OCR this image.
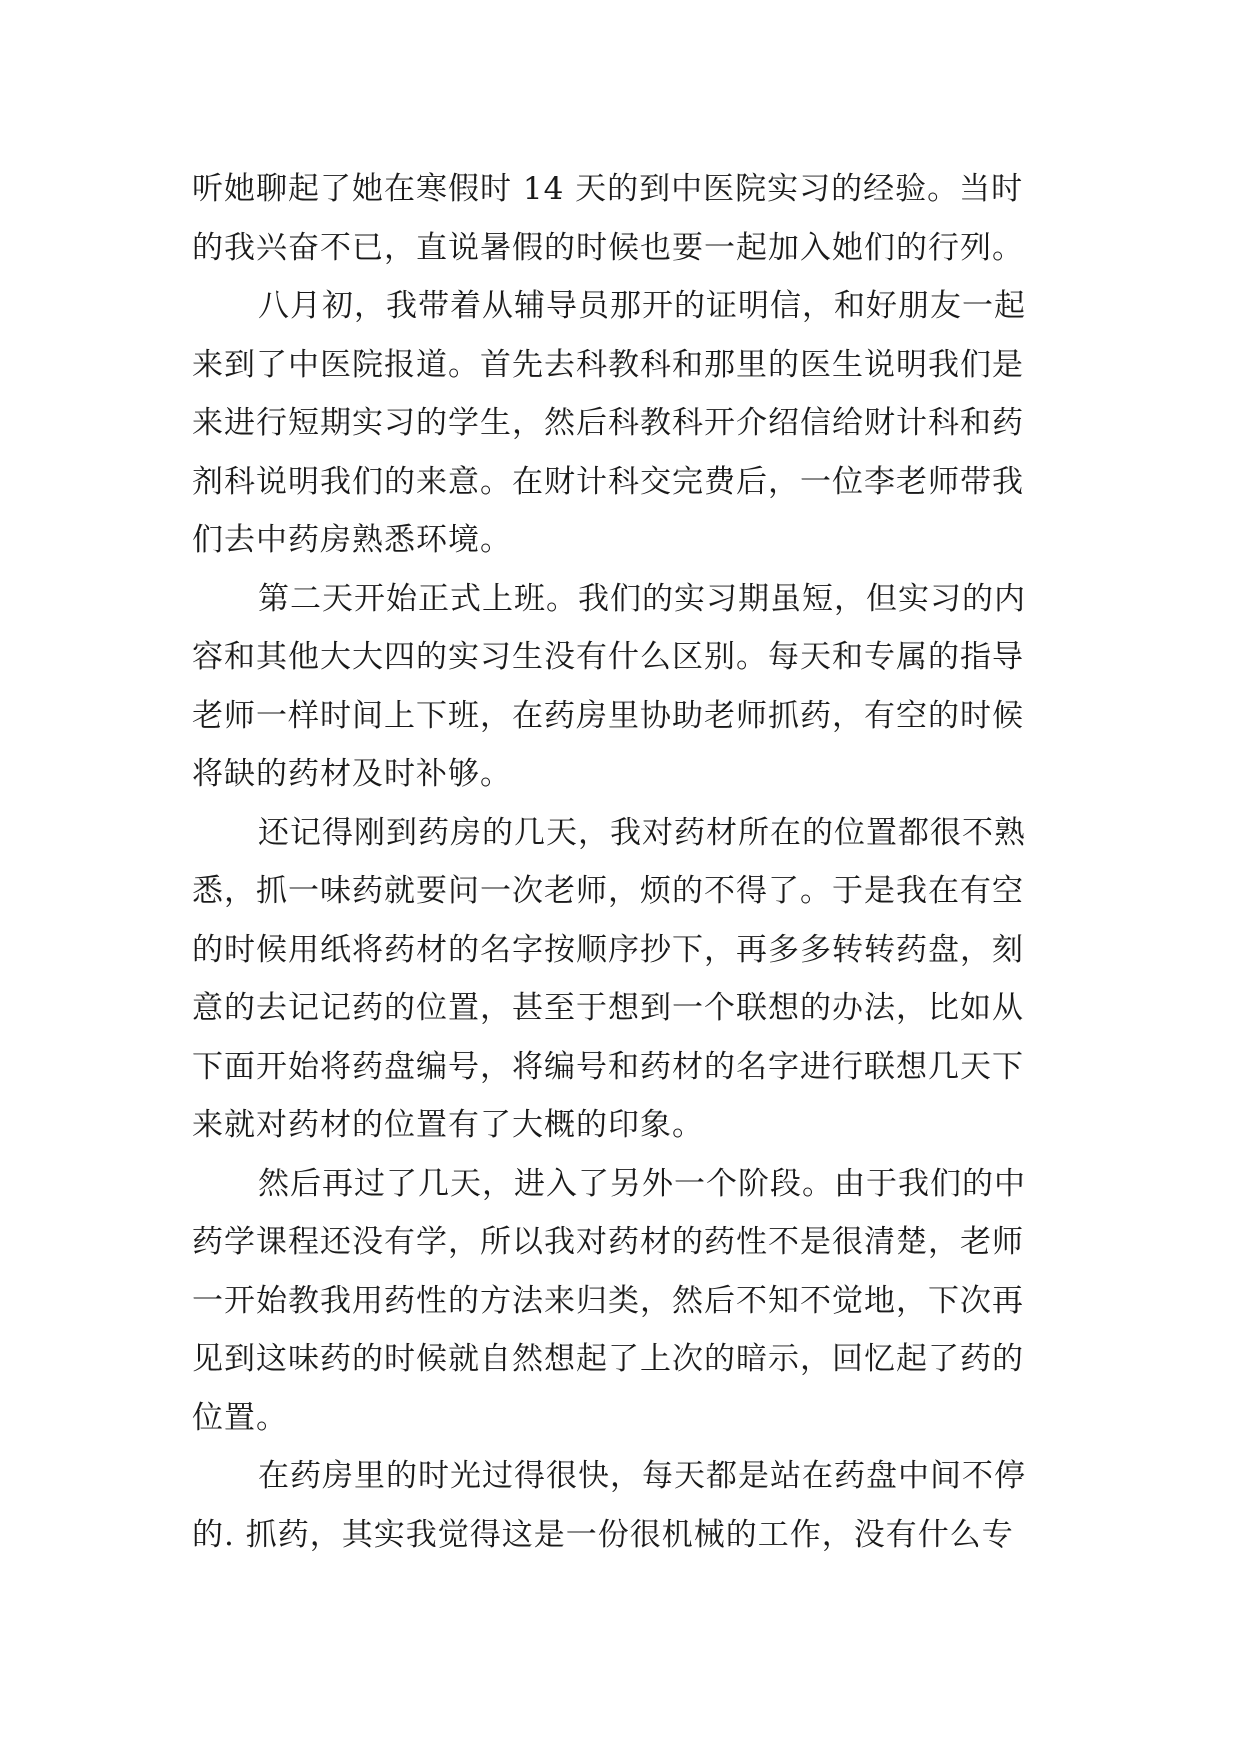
听她聊起了她在寒假时 14 天的到中医院实习的经验。当时
的我兴奋不已，直说暑假的时候也要一起加入她们的行列。
八月初，我带着从辅导员那开的证明信，和好朋友一起
来到了中医院报道。首先去科教科和那里的医生说明我们是
来进行短期实习的学生，然后科教科开介绍信给财计科和药
剂科说明我们的来意。在财计科交完费后，一位李老师带我
们去中药房熟悉环境。
第二天开始正式上班。我们的实习期虽短，但实习的内
容和其他大大四的实习生没有什么区别。每天和专属的指导
老师一样时间上下班，在药房里协助老师抓药，有空的时候
将缺的药材及时补够。
还记得刚到药房的几天，我对药材所在的位置都很不熟
悉，抓一味药就要问一次老师，烦的不得了。于是我在有空
的时候用纸将药材的名字按顺序抄下，再多多转转药盘，刻
意的去记记药的位置，甚至于想到一个联想的办法，比如从
下面开始将药盘编号，将编号和药材的名字进行联想几天下
来就对药材的位置有了大概的印象。
然后再过了几天，进入了另外一个阶段。由于我们的中
药学课程还没有学，所以我对药材的药性不是很清楚，老师
一开始教我用药性的方法来归类，然后不知不觉地，下次再
见到这味药的时候就自然想起了上次的暗示，回忆起了药的
位置。
在药房里的时光过得很快，每天都是站在药盘中间不停
的. 抓药，其实我觉得这是一份很机械的工作，没有什么专
